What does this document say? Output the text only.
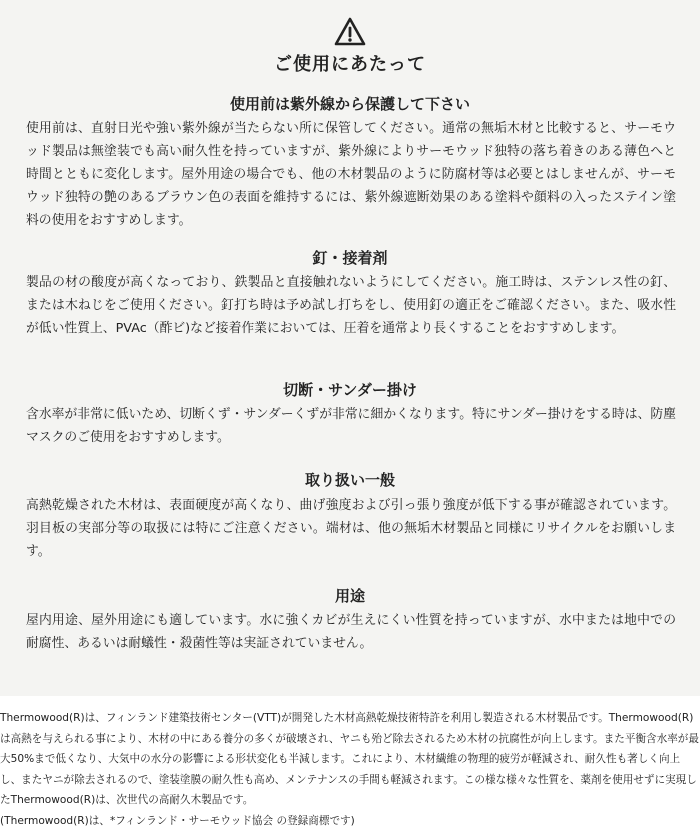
ご使用にあたって
使用前は紫外線から保護して下さい
使用前は、直射日光や強い紫外線が当たらない所に保管してください。通常の無垢木材と比較すると、サーモウッド製品は無塗装でも高い耐久性を持っていますが、紫外線によりサーモウッド独特の落ち着きのある薄色へと時間とともに変化します。屋外用途の場合でも、他の木材製品のように防腐材等は必要とはしませんが、サーモウッド独特の艶のあるブラウン色の表面を維持するには、紫外線遮断効果のある塗料や顔料の入ったステイン塗料の使用をおすすめします。
釘・接着剤
製品の材の酸度が高くなっており、鉄製品と直接触れないようにしてください。施工時は、ステンレス性の釘、または木ねじをご使用ください。釘打ち時は予め試し打ちをし、使用釘の適正をご確認ください。また、吸水性が低い性質上、PVAc（酢ビ)など接着作業においては、圧着を通常より長くすることをおすすめします。
切断・サンダー掛け
含水率が非常に低いため、切断くず・サンダーくずが非常に細かくなります。特にサンダー掛けをする時は、防塵マスクのご使用をおすすめします。
取り扱い一般
高熱乾燥された木材は、表面硬度が高くなり、曲げ強度および引っ張り強度が低下する事が確認されています。羽目板の実部分等の取扱には特にご注意ください。端材は、他の無垢木材製品と同様にリサイクルをお願いします。
用途
屋内用途、屋外用途にも適しています。水に強くカビが生えにくい性質を持っていますが、水中または地中での耐腐性、あるいは耐蟻性・殺菌性等は実証されていません。

Thermowood(R)は、フィンランド建築技術センター(VTT)が開発した木材高熱乾燥技術特許を利用し製造される木材製品です。Thermowood(R)は高熱を与えられる事により、木材の中にある養分の多くが破壊され、ヤニも殆ど除去されるため木材の抗腐性が向上します。また平衡含水率が最大50%まで低くなり、大気中の水分の影響による形状変化も半減します。これにより、木材繊維の物理的疲労が軽減され、耐久性も著しく向上し、またヤニが除去されるので、塗装塗膜の耐久性も高め、メンテナンスの手間も軽減されます。この様な様々な性質を、薬剤を使用せずに実現したThermowood(R)は、次世代の高耐久木製品です。

(Thermowood(R)は、*フィンランド・サーモウッド協会 の登録商標です)
